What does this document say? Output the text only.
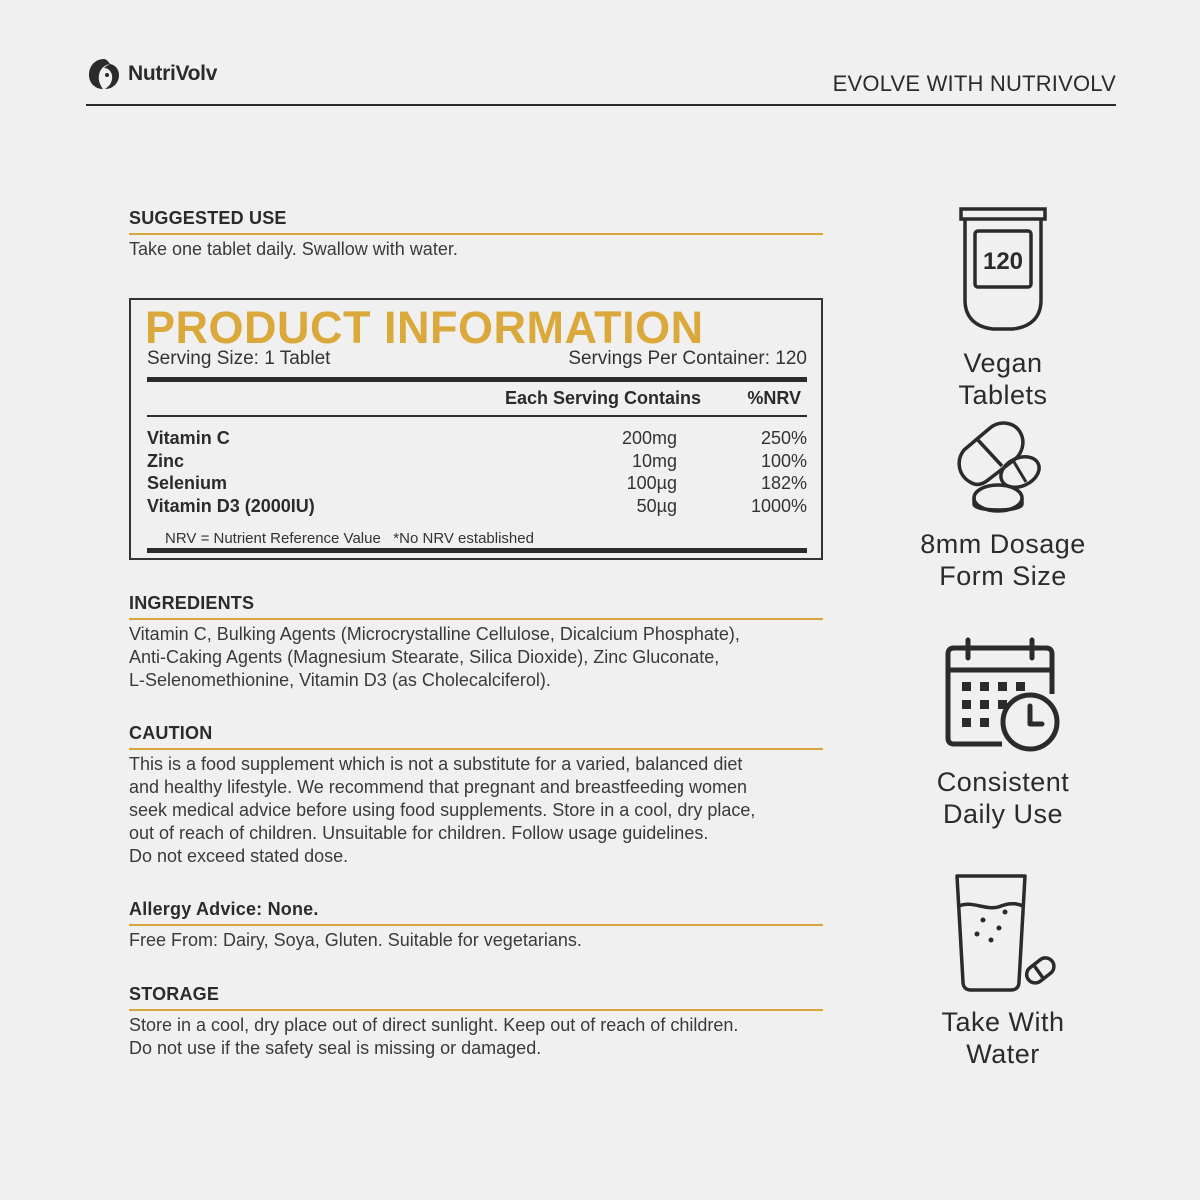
NutriVolv	EVOLVE WITH NUTRIVOLV
SUGGESTED USE

Take one tablet daily. Swallow with water.

PRODUCT INFORMATION
Serving Size: 1 Tablet	Servings Per Container: 120
Each Serving Contains	%NRV
Vitamin C	200mg	250%
Zinc	10mg	100%
Selenium	100µg	182%
Vitamin D3 (2000IU)	50µg	1000%
NRV = Nutrient Reference Value   *No NRV established
INGREDIENTS

Vitamin C, Bulking Agents (Microcrystalline Cellulose, Dicalcium Phosphate),

Anti-Caking Agents (Magnesium Stearate, Silica Dioxide), Zinc Gluconate,

L-Selenomethionine, Vitamin D3 (as Cholecalciferol).

CAUTION

This is a food supplement which is not a substitute for a varied, balanced diet

and healthy lifestyle. We recommend that pregnant and breastfeeding women

seek medical advice before using food supplements. Store in a cool, dry place,

out of reach of children. Unsuitable for children. Follow usage guidelines.

Do not exceed stated dose.

Allergy Advice: None.

Free From: Dairy, Soya, Gluten. Suitable for vegetarians.

STORAGE

Store in a cool, dry place out of direct sunlight. Keep out of reach of children.

Do not use if the safety seal is missing or damaged.

120
Vegan
Tablets
8mm Dosage
Form Size
Consistent
Daily Use
Take With
Water
